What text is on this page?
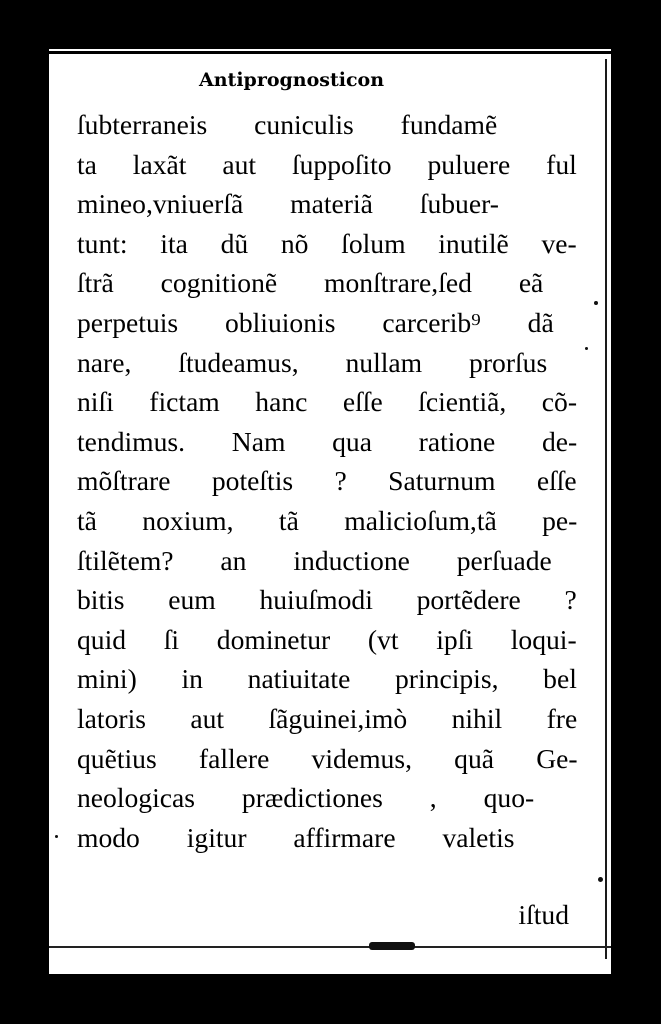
Antiprognosticon
ſubterraneis cuniculis fundamẽ
ta laxãt aut ſuppoſito puluere ful
mineo,vniuerſã materiã ſubuer-
tunt: ita dũ nõ ſolum inutilẽ ve-
ſtrã cognitionẽ monſtrare,ſed eã
perpetuis obliuionis carcerib⁹ dã
nare, ſtudeamus, nullam prorſus
niſi fictam hanc eſſe ſcientiã, cõ-
tendimus. Nam qua ratione de-
mõſtrare poteſtis ? Saturnum eſſe
tã noxium, tã malicioſum,tã pe-
ſtilẽtem? an inductione perſuade
bitis eum huiuſmodi portẽdere ?
quid ſi dominetur (vt ipſi loqui-
mini) in natiuitate principis, bel
latoris aut ſãguinei,imò nihil fre
quẽtius fallere videmus, quã Ge-
neologicas prædictiones , quo-
modo igitur affirmare valetis
iſtud
